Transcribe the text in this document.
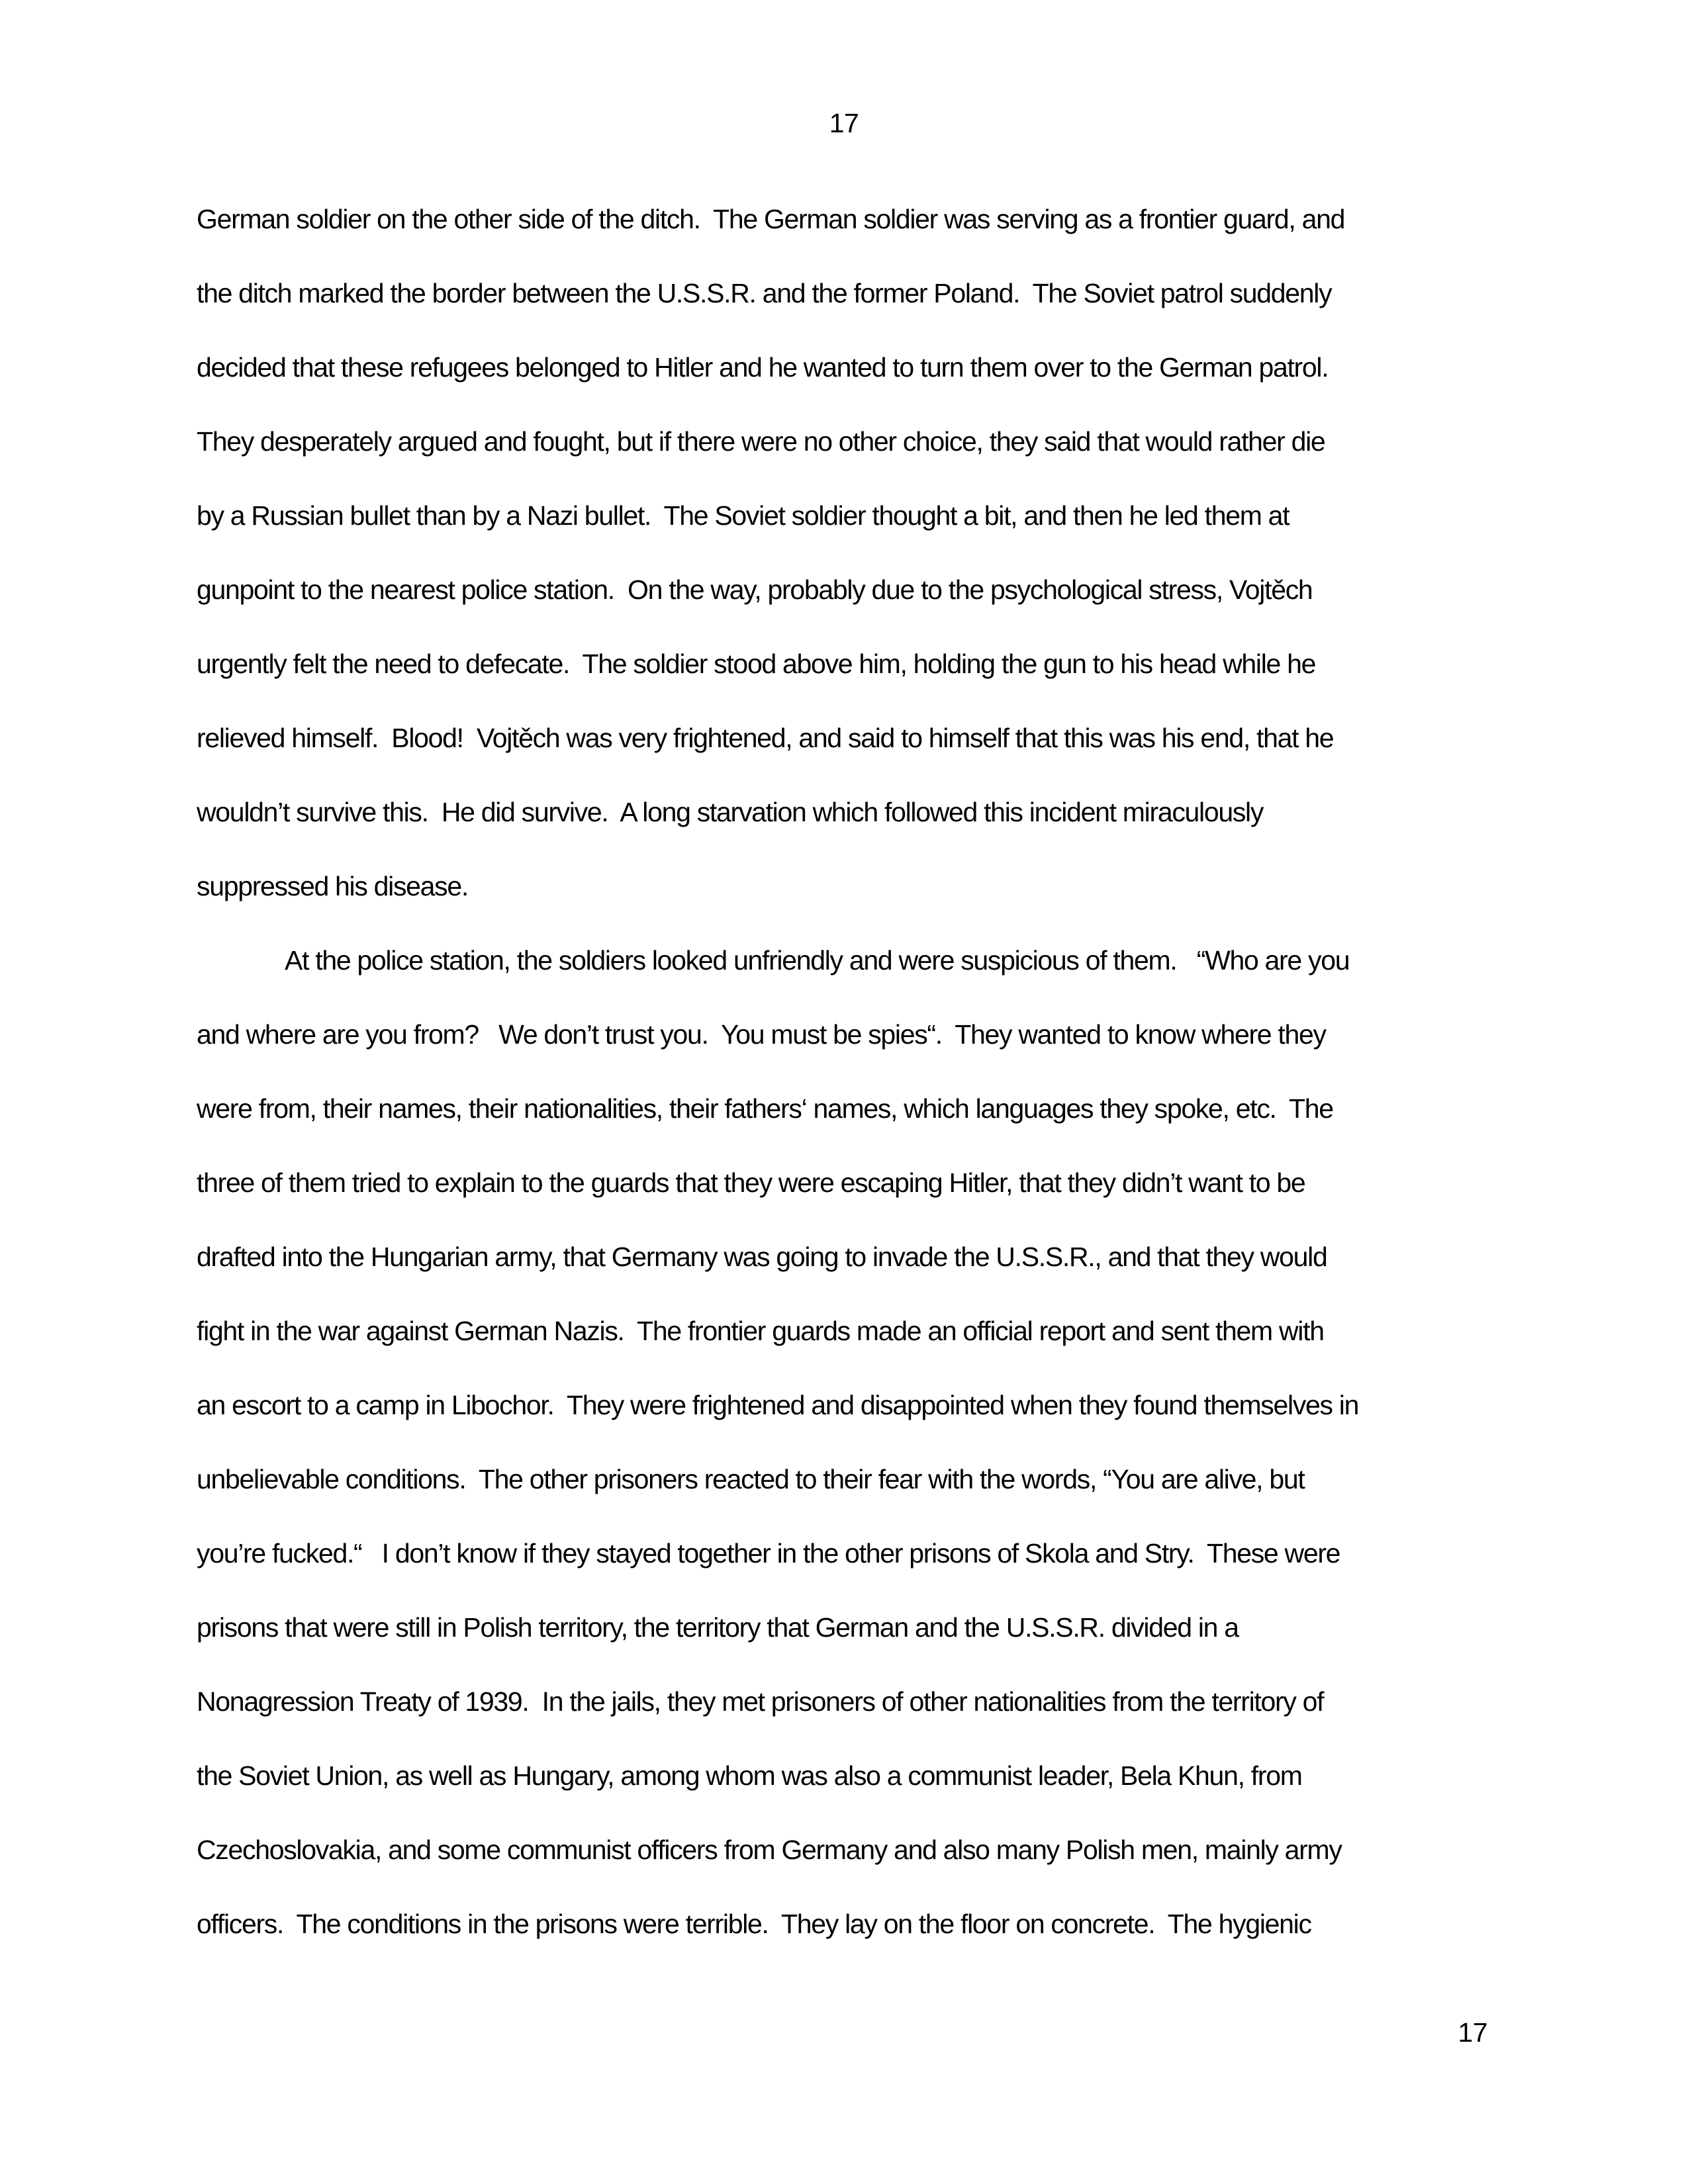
17
German soldier on the other side of the ditch.  The German soldier was serving as a frontier guard, and
the ditch marked the border between the U.S.S.R. and the former Poland.  The Soviet patrol suddenly
decided that these refugees belonged to Hitler and he wanted to turn them over to the German patrol.
They desperately argued and fought, but if there were no other choice, they said that would rather die
by a Russian bullet than by a Nazi bullet.  The Soviet soldier thought a bit, and then he led them at
gunpoint to the nearest police station.  On the way, probably due to the psychological stress, Vojtěch
urgently felt the need to defecate.  The soldier stood above him, holding the gun to his head while he
relieved himself.  Blood!  Vojtěch was very frightened, and said to himself that this was his end, that he
wouldn’t survive this.  He did survive.  A long starvation which followed this incident miraculously
suppressed his disease.
At the police station, the soldiers looked unfriendly and were suspicious of them.   “Who are you
and where are you from?   We don’t trust you.  You must be spies“.  They wanted to know where they
were from, their names, their nationalities, their fathers‘ names, which languages they spoke, etc.  The
three of them tried to explain to the guards that they were escaping Hitler, that they didn’t want to be
drafted into the Hungarian army, that Germany was going to invade the U.S.S.R., and that they would
fight in the war against German Nazis.  The frontier guards made an official report and sent them with
an escort to a camp in Libochor.  They were frightened and disappointed when they found themselves in
unbelievable conditions.  The other prisoners reacted to their fear with the words, “You are alive, but
you’re fucked.“   I don’t know if they stayed together in the other prisons of Skola and Stry.  These were
prisons that were still in Polish territory, the territory that German and the U.S.S.R. divided in a
Nonagression Treaty of 1939.  In the jails, they met prisoners of other nationalities from the territory of
the Soviet Union, as well as Hungary, among whom was also a communist leader, Bela Khun, from
Czechoslovakia, and some communist officers from Germany and also many Polish men, mainly army
officers.  The conditions in the prisons were terrible.  They lay on the floor on concrete.  The hygienic
17
